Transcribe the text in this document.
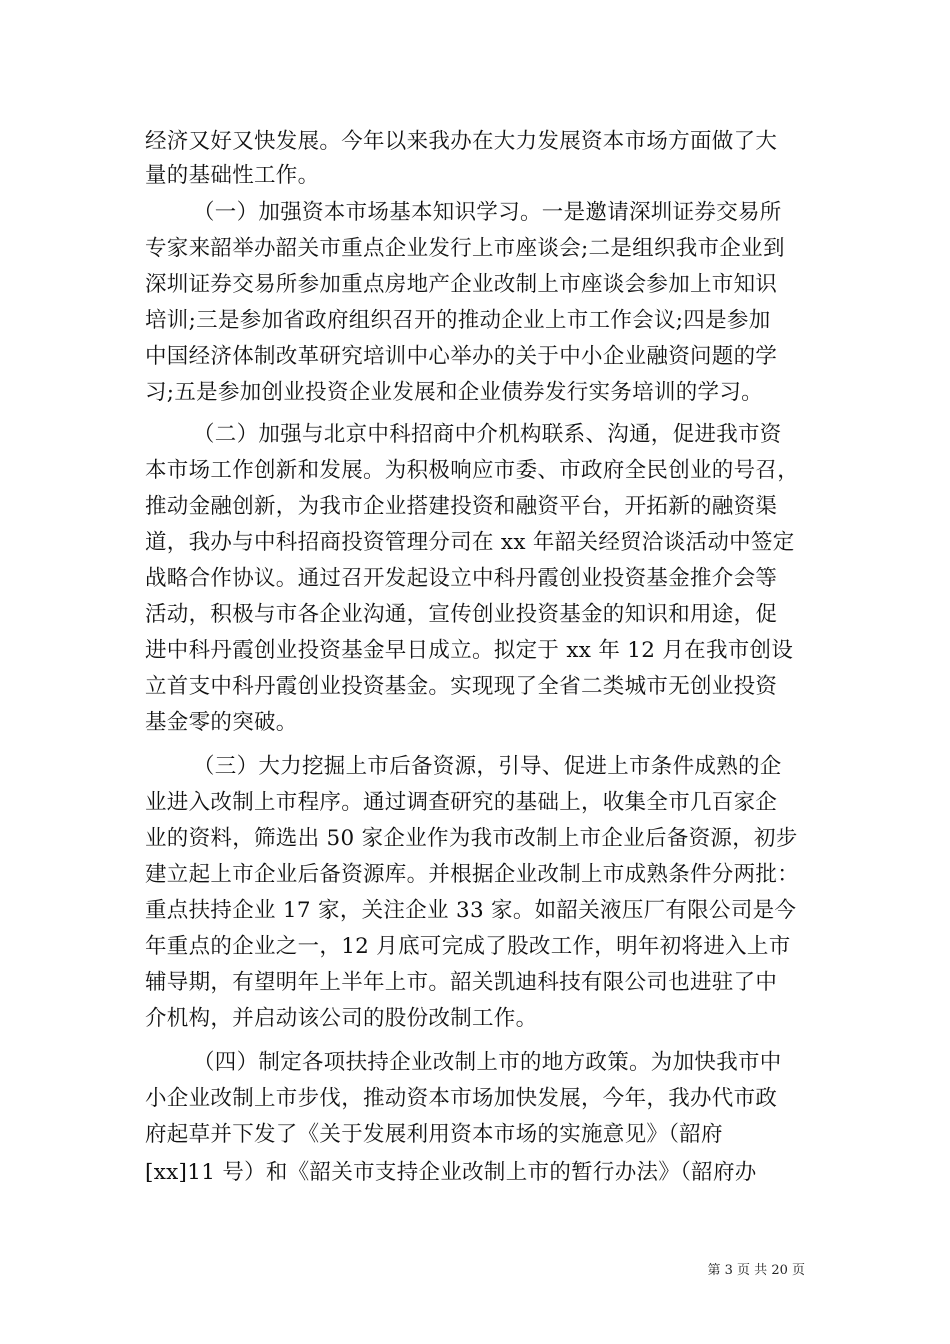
经济又好又快发展。今年以来我办在大力发展资本市场方面做了大
量的基础性工作。
（一）加强资本市场基本知识学习。一是邀请深圳证券交易所
专家来韶举办韶关市重点企业发行上市座谈会;二是组织我市企业到
深圳证券交易所参加重点房地产企业改制上市座谈会参加上市知识
培训;三是参加省政府组织召开的推动企业上市工作会议;四是参加
中国经济体制改革研究培训中心举办的关于中小企业融资问题的学
习;五是参加创业投资企业发展和企业债券发行实务培训的学习。
（二）加强与北京中科招商中介机构联系、沟通，促进我市资
本市场工作创新和发展。为积极响应市委、市政府全民创业的号召，
推动金融创新，为我市企业搭建投资和融资平台，开拓新的融资渠
道，我办与中科招商投资管理分司在 xx 年韶关经贸洽谈活动中签定
战略合作协议。通过召开发起设立中科丹霞创业投资基金推介会等
活动，积极与市各企业沟通，宣传创业投资基金的知识和用途，促
进中科丹霞创业投资基金早日成立。拟定于 xx 年 12 月在我市创设
立首支中科丹霞创业投资基金。实现现了全省二类城市无创业投资
基金零的突破。
（三）大力挖掘上市后备资源，引导、促进上市条件成熟的企
业进入改制上市程序。通过调查研究的基础上，收集全市几百家企
业的资料，筛选出 50 家企业作为我市改制上市企业后备资源，初步
建立起上市企业后备资源库。并根据企业改制上市成熟条件分两批：
重点扶持企业 17 家，关注企业 33 家。如韶关液压厂有限公司是今
年重点的企业之一，12 月底可完成了股改工作，明年初将进入上市
辅导期，有望明年上半年上市。韶关凯迪科技有限公司也进驻了中
介机构，并启动该公司的股份改制工作。
（四）制定各项扶持企业改制上市的地方政策。为加快我市中
小企业改制上市步伐，推动资本市场加快发展，今年，我办代市政
府起草并下发了《关于发展利用资本市场的实施意见》（韶府
[xx]11 号）和《韶关市支持企业改制上市的暂行办法》（韶府办
第 3 页 共 20 页
